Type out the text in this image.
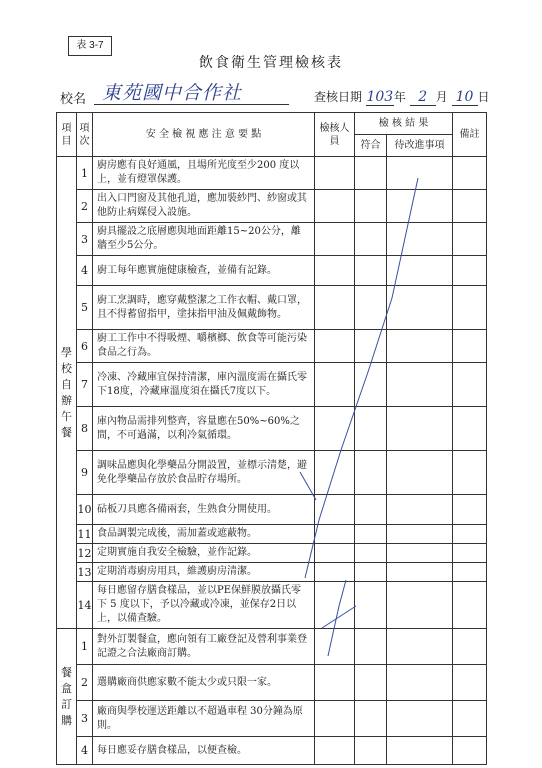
表 3-7
飲食衛生管理檢核表
校名 東苑國中合作社	查核日期 103年 2 月 10 日
項目	項次	安 全 檢 視 應 注 意 要 點	檢核人員	檢 核 結 果		備註
				符合	待改進事項	
學校自辦午餐	1	廚房應有良好通風，且場所光度至少200 度以上，並有燈罩保護。				
	2	出入口門窗及其他孔道，應加裝紗門、紗窗或其他防止病媒侵入設施。				
	3	廚具擺設之底層應與地面距離15~20公分，離牆至少5公分。				
	4	廚工每年應實施健康檢查，並備有記錄。				
	5	廚工烹調時，應穿戴整潔之工作衣帽、戴口罩，且不得蓄留指甲，塗抹指甲油及佩戴飾物。				
	6	廚工工作中不得吸煙、嚼檳榔、飲食等可能污染食品之行為。				
	7	冷凍、冷藏庫宜保持清潔，庫內溫度需在攝氏零下18度，冷藏庫溫度須在攝氏7度以下。				
	8	庫內物品需排列整齊，容量應在50%~60%之間，不可過滿，以利冷氣循環。				
	9	調味品應與化學藥品分開設置，並標示清楚，避免化學藥品存放於食品貯存場所。				
	10	砧板刀具應各備兩套，生熟食分開使用。				
	11	食品調製完成後，需加蓋或遮蔽物。				
	12	定期實施自我安全檢驗，並作記錄。				
	13	定期消毒廚房用具，維護廚房清潔。				
	14	每日應留存膳食樣品，並以PE保鮮膜放攝氏零下 5 度以下，予以冷藏或冷凍，並保存2日以上，以備查驗。				
餐盒訂購	1	對外訂製餐盒，應向領有工廠登記及營利事業登記證之合法廠商訂購。				
	2	選購廠商供應家數不能太少或只限一家。				
	3	廠商與學校運送距離以不超過車程 30分鐘為原則。				
	4	每日應妥存膳食樣品，以便查檢。				
